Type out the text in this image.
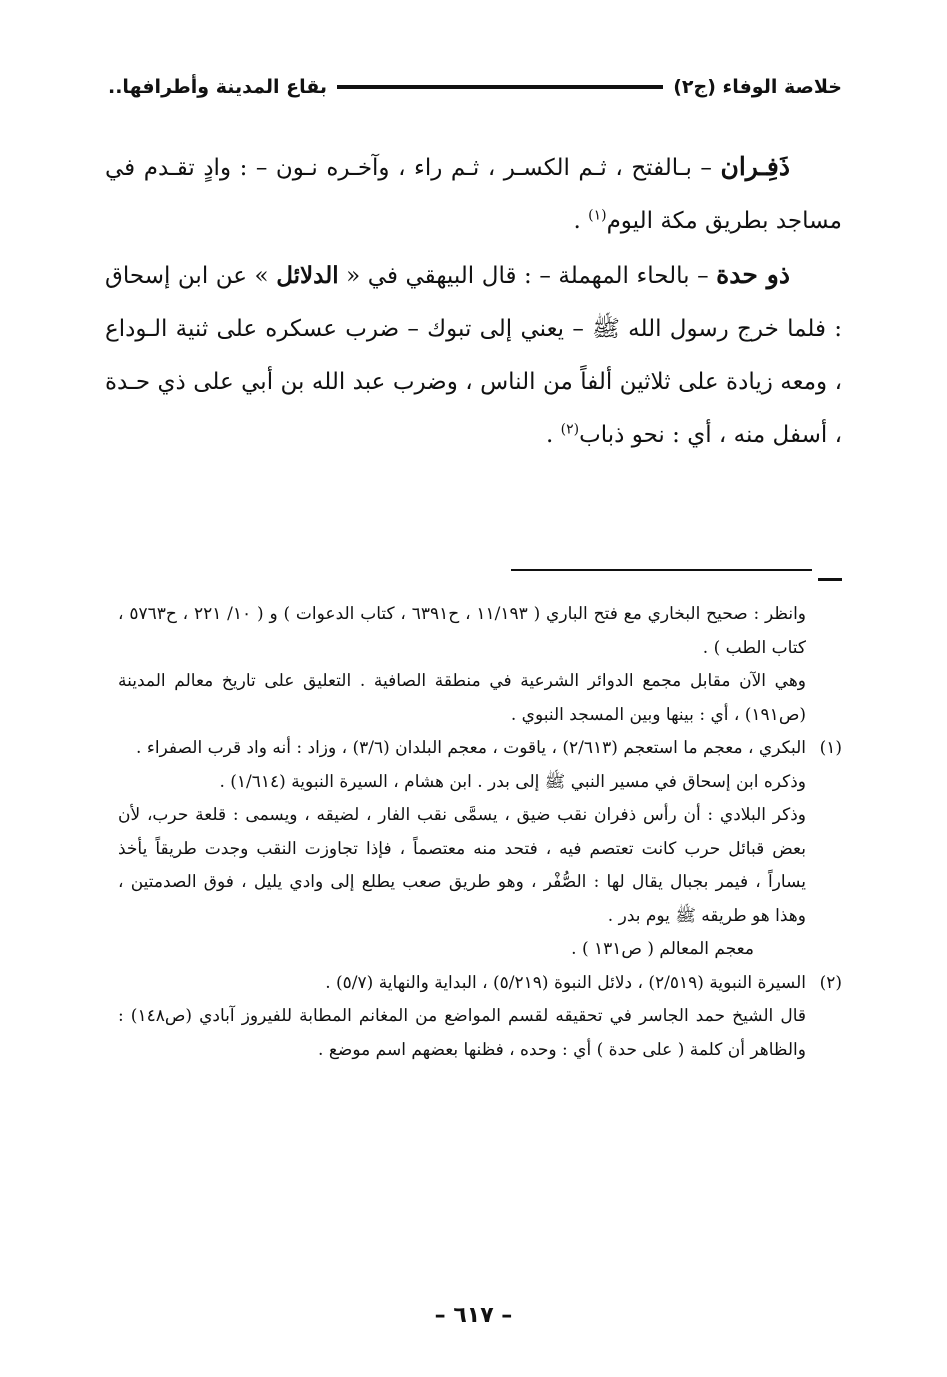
خلاصة الوفاء (ج٢)
بقاع المدينة وأطرافها..

ذَفِـران – بـالفتح ، ثـم الكسـر ، ثـم راء ، وآخـره نـون – : وادٍ تقـدم في مساجد بطريق مكة اليوم$^{(١)}$ .

ذو حدة – بالحاء المهملة – : قال البيهقي في « الدلائل » عن ابن إسحاق : فلما خرج رسول الله ﷺ – يعني إلى تبوك – ضرب عسكره على ثنية الـوداع ، ومعه زيادة على ثلاثين ألفاً من الناس ، وضرب عبد الله بن أبي على ذي حـدة ، أسفل منه ، أي : نحو ذباب$^{(٢)}$ .

وانظر : صحيح البخاري مع فتح الباري ( ١١/١٩٣ ، ح٦٣٩١ ، كتاب الدعوات ) و ( ١٠/ ٢٢١ ، ح٥٧٦٣ ، كتاب الطب ) .

وهي الآن مقابل مجمع الدوائر الشرعية في منطقة الصافية . التعليق على تاريخ معالم المدينة (ص١٩١) ، أي : بينها وبين المسجد النبوي .

(١)
البكري ، معجم ما استعجم (٢/٦١٣) ، ياقوت ، معجم البلدان (٣/٦) ، وزاد : أنه واد قرب الصفراء .

وذكره ابن إسحاق في مسير النبي ﷺ إلى بدر . ابن هشام ، السيرة النبوية (١/٦١٤) .

وذكر البلادي : أن رأس ذفران نقب ضيق ، يسمَّى نقب الفار ، لضيقه ، ويسمى : قلعة حرب، لأن بعض قبائل حرب كانت تعتصم فيه ، فتحد منه معتصماً ، فإذا تجاوزت النقب وجدت طريقاً يأخذ يساراً ، فيمر بجبال يقال لها : الصُّفْر ، وهو طريق صعب يطلع إلى وادي يليل ، فوق الصدمتين ، وهذا هو طريقه ﷺ يوم بدر .

معجم المعالم ( ص١٣١ ) .

(٢)
السيرة النبوية (٢/٥١٩) ، دلائل النبوة (٥/٢١٩) ، البداية والنهاية (٥/٧) .

قال الشيخ حمد الجاسر في تحقيقه لقسم المواضع من المغانم المطابة للفيروز آبادي (ص١٤٨) : والظاهر أن كلمة ( على حدة ) أي : وحده ، فظنها بعضهم اسم موضع .

– ٦١٧ –
